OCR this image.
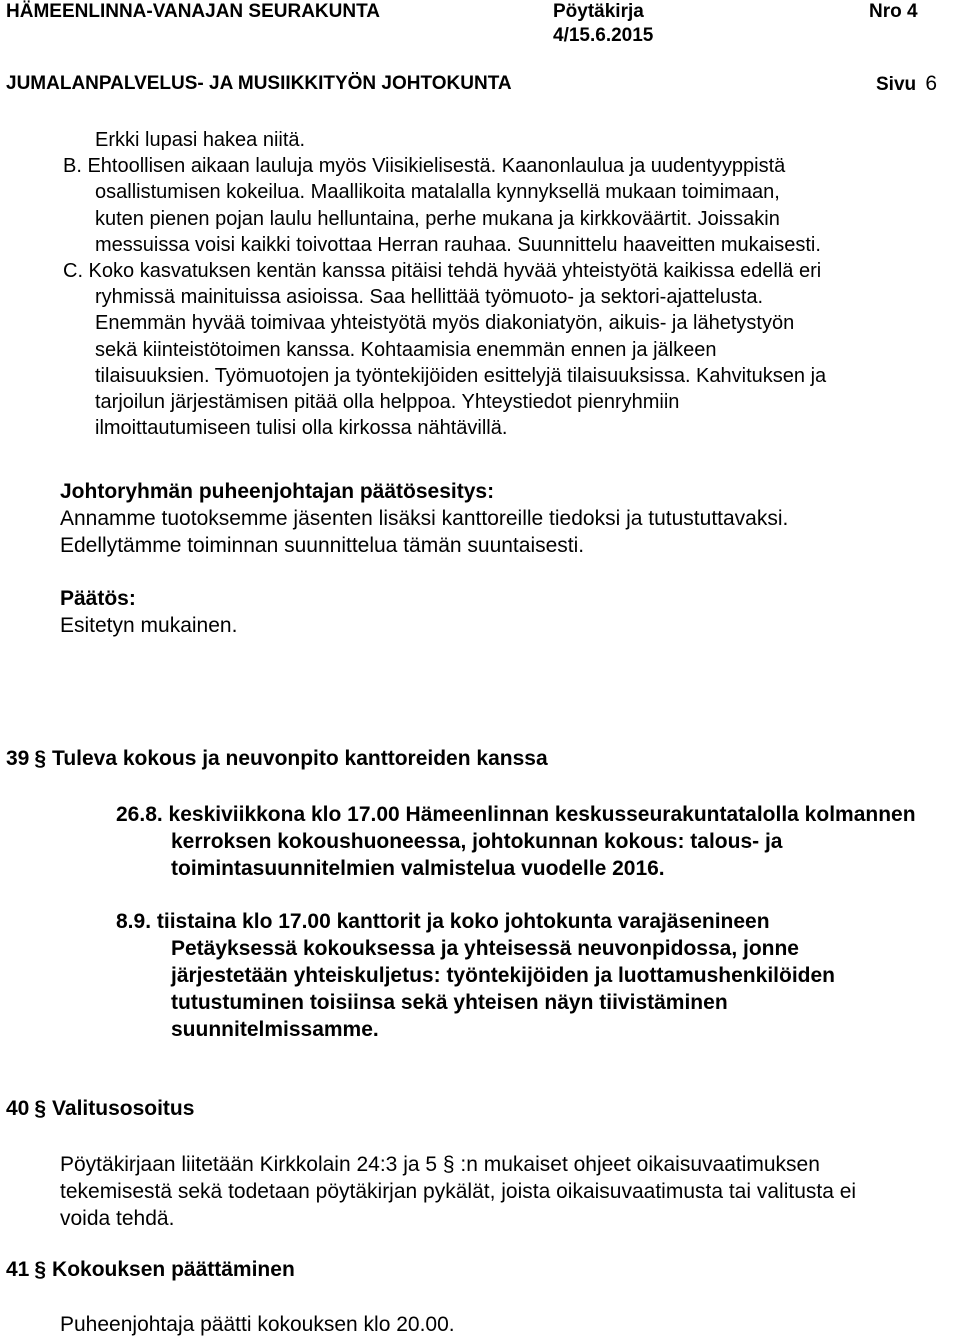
HÄMEENLINNA-VANAJAN SEURAKUNTA	Pöytäkirja	Nro 4
4/15.6.2015
JUMALANPALVELUS- JA MUSIIKKITYÖN JOHTOKUNTA	Sivu 6
Erkki lupasi hakea niitä.
B. Ehtoollisen aikaan lauluja myös Viisikielisestä. Kaanonlaulua ja uudentyyppistä
osallistumisen kokeilua. Maallikoita matalalla kynnyksellä mukaan toimimaan,
kuten pienen pojan laulu helluntaina, perhe mukana ja kirkkoväärtit. Joissakin
messuissa voisi kaikki toivottaa Herran rauhaa. Suunnittelu haaveitten mukaisesti.
C. Koko kasvatuksen kentän kanssa pitäisi tehdä hyvää yhteistyötä kaikissa edellä eri
ryhmissä mainituissa asioissa. Saa hellittää työmuoto- ja sektori-ajattelusta.
Enemmän hyvää toimivaa yhteistyötä myös diakoniatyön, aikuis- ja lähetystyön
sekä kiinteistötoimen kanssa. Kohtaamisia enemmän ennen ja jälkeen
tilaisuuksien. Työmuotojen ja työntekijöiden esittelyjä tilaisuuksissa. Kahvituksen ja
tarjoilun järjestämisen pitää olla helppoa. Yhteystiedot pienryhmiin
ilmoittautumiseen tulisi olla kirkossa nähtävillä.
Johtoryhmän puheenjohtajan päätösesitys:
Annamme tuotoksemme jäsenten lisäksi kanttoreille tiedoksi ja tutustuttavaksi.
Edellytämme toiminnan suunnittelua tämän suuntaisesti.
Päätös:
Esitetyn mukainen.
39 § Tuleva kokous ja neuvonpito kanttoreiden kanssa
26.8. keskiviikkona klo 17.00 Hämeenlinnan keskusseurakuntatalolla kolmannen
kerroksen kokoushuoneessa, johtokunnan kokous: talous- ja
toimintasuunnitelmien valmistelua vuodelle 2016.
8.9. tiistaina klo 17.00 kanttorit ja koko johtokunta varajäsenineen
Petäyksessä kokouksessa ja yhteisessä neuvonpidossa, jonne
järjestetään yhteiskuljetus: työntekijöiden ja luottamushenkilöiden
tutustuminen toisiinsa sekä yhteisen näyn tiivistäminen
suunnitelmissamme.
40 § Valitusosoitus
Pöytäkirjaan liitetään Kirkkolain 24:3 ja 5 § :n mukaiset ohjeet oikaisuvaatimuksen
tekemisestä sekä todetaan pöytäkirjan pykälät, joista oikaisuvaatimusta tai valitusta ei
voida tehdä.
41 § Kokouksen päättäminen
Puheenjohtaja päätti kokouksen klo 20.00.
